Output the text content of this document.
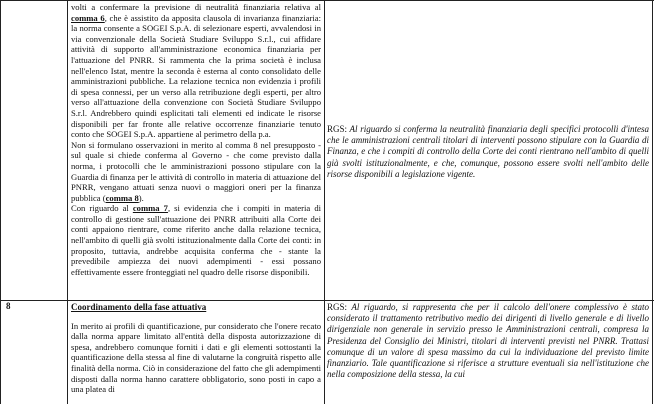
volti a confermare la previsione di neutralità finanziaria relativa al comma 6, che è assistito da apposita clausola di invarianza finanziaria: la norma consente a SOGEI S.p.A. di selezionare esperti, avvalendosi in via convenzionale della Società Studiare Sviluppo S.r.l., cui affidare attività di supporto all'amministrazione economica finanziaria per l'attuazione del PNRR. Si rammenta che la prima società è inclusa nell'elenco Istat, mentre la seconda è esterna al conto consolidato delle amministrazioni pubbliche. La relazione tecnica non evidenzia i profili di spesa connessi, per un verso alla retribuzione degli esperti, per altro verso all'attuazione della convenzione con Società Studiare Sviluppo S.r.l. Andrebbero quindi esplicitati tali elementi ed indicate le risorse disponibili per far fronte alle relative occorrenze finanziarie tenuto conto che SOGEI S.p.A. appartiene al perimetro della p.a.

Non si formulano osservazioni in merito al comma 8 nel presupposto - sul quale si chiede conferma al Governo - che come previsto dalla norma, i protocolli che le amministrazioni possono stipulare con la Guardia di finanza per le attività di controllo in materia di attuazione del PNRR, vengano attuati senza nuovi o maggiori oneri per la finanza pubblica (comma 8).

Con riguardo al comma 7, si evidenzia che i compiti in materia di controllo di gestione sull'attuazione dei PNRR attribuiti alla Corte dei conti appaiono rientrare, come riferito anche dalla relazione tecnica, nell'ambito di quelli già svolti istituzionalmente dalla Corte dei conti: in proposito, tuttavia, andrebbe acquisita conferma che - stante la prevedibile ampiezza dei nuovi adempimenti - essi possano effettivamente essere fronteggiati nel quadro delle risorse disponibili.

RGS: Al riguardo si conferma la neutralità finanziaria degli specifici protocolli d'intesa che le amministrazioni centrali titolari di interventi possono stipulare con la Guardia di Finanza, e che i compiti di controllo della Corte dei conti rientrano nell'ambito di quelli già svolti istituzionalmente, e che, comunque, possono essere svolti nell'ambito delle risorse disponibili a legislazione vigente.
8	Coordinamento della fase attuativa

In merito ai profili di quantificazione, pur considerato che l'onere recato dalla norma appare limitato all'entità della disposta autorizzazione di spesa, andrebbero comunque forniti i dati e gli elementi sottostanti la quantificazione della stessa al fine di valutarne la congruità rispetto alle finalità della norma. Ciò in considerazione del fatto che gli adempimenti disposti dalla norma hanno carattere obbligatorio, sono posti in capo a una platea di

RGS: Al riguardo, si rappresenta che per il calcolo dell'onere complessivo è stato considerato il trattamento retributivo medio dei dirigenti di livello generale e di livello dirigenziale non generale in servizio presso le Amministrazioni centrali, compresa la Presidenza del Consiglio dei Ministri, titolari di interventi previsti nel PNRR. Trattasi comunque di un valore di spesa massimo da cui la individuazione del previsto limite finanziario. Tale quantificazione si riferisce a strutture eventuali sia nell'istituzione che nella composizione della stessa, la cui
